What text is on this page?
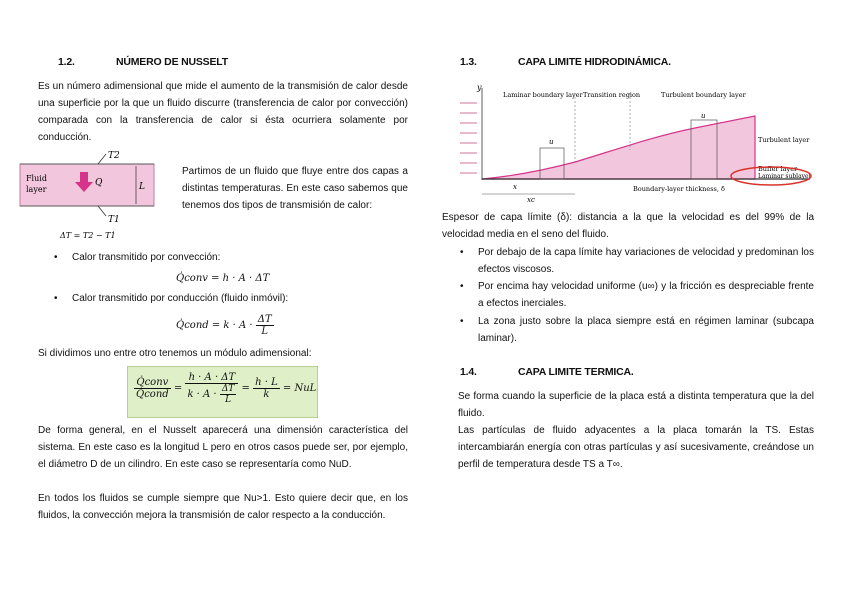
1.2.	NÚMERO DE NUSSELT
Es un número adimensional que mide el aumento de la transmisión de calor desde una superficie por la que un fluido discurre (transferencia de calor por convección) comparada con la transferencia de calor si ésta ocurriera solamente por conducción.
T2
T1
Fluid
layer
Q	L
ΔT = T2 − T1
Partimos de un fluido que fluye entre dos capas a distintas temperaturas. En este caso sabemos que tenemos dos tipos de transmisión de calor:
• Calor transmitido por convección:
Q̇conv = h · A · ΔT
• Calor transmitido por conducción (fluido inmóvil):
Q̇cond = $k \cdot A \cdot \frac{\Delta T}{L}$
Si dividimos uno entre otro tenemos un módulo adimensional:
$\frac{\text{Q̇conv}}{\text{Q̇cond}} = \frac{h \cdot A \cdot \Delta T}{k \cdot A \cdot \frac{\Delta T}{L}} = \frac{h \cdot L}{k}$ = NuL
De forma general, en el Nusselt aparecerá una dimensión característica del sistema. En este caso es la longitud L pero en otros casos puede ser, por ejemplo, el diámetro D de un cilindro. En este caso se representaría como NuD.
En todos los fluidos se cumple siempre que Nu>1. Esto quiere decir que, en los fluidos, la convección mejora la transmisión de calor respecto a la conducción.
1.3.	CAPA LIMITE HIDRODINÁMICA.
y
u
u
Laminar boundary layer Transition region	Turbulent boundary layer
Turbulent layer
Buffer layer
Laminar sublayer
Boundary-layer thickness, δ
x
xc
Espesor de capa límite (δ): distancia a la que la velocidad es del 99% de la velocidad media en el seno del fluido.
• Por debajo de la capa límite hay variaciones de velocidad y predominan los efectos viscosos.
• Por encima hay velocidad uniforme (u∞) y la fricción es despreciable frente a efectos inerciales.
• La zona justo sobre la placa siempre está en régimen laminar (subcapa laminar).
1.4.	CAPA LIMITE TERMICA.
Se forma cuando la superficie de la placa está a distinta temperatura que la del fluido.
Las partículas de fluido adyacentes a la placa tomarán la TS. Estas intercambiarán energía con otras partículas y así sucesivamente, creándose un perfil de temperatura desde TS a T∞.
